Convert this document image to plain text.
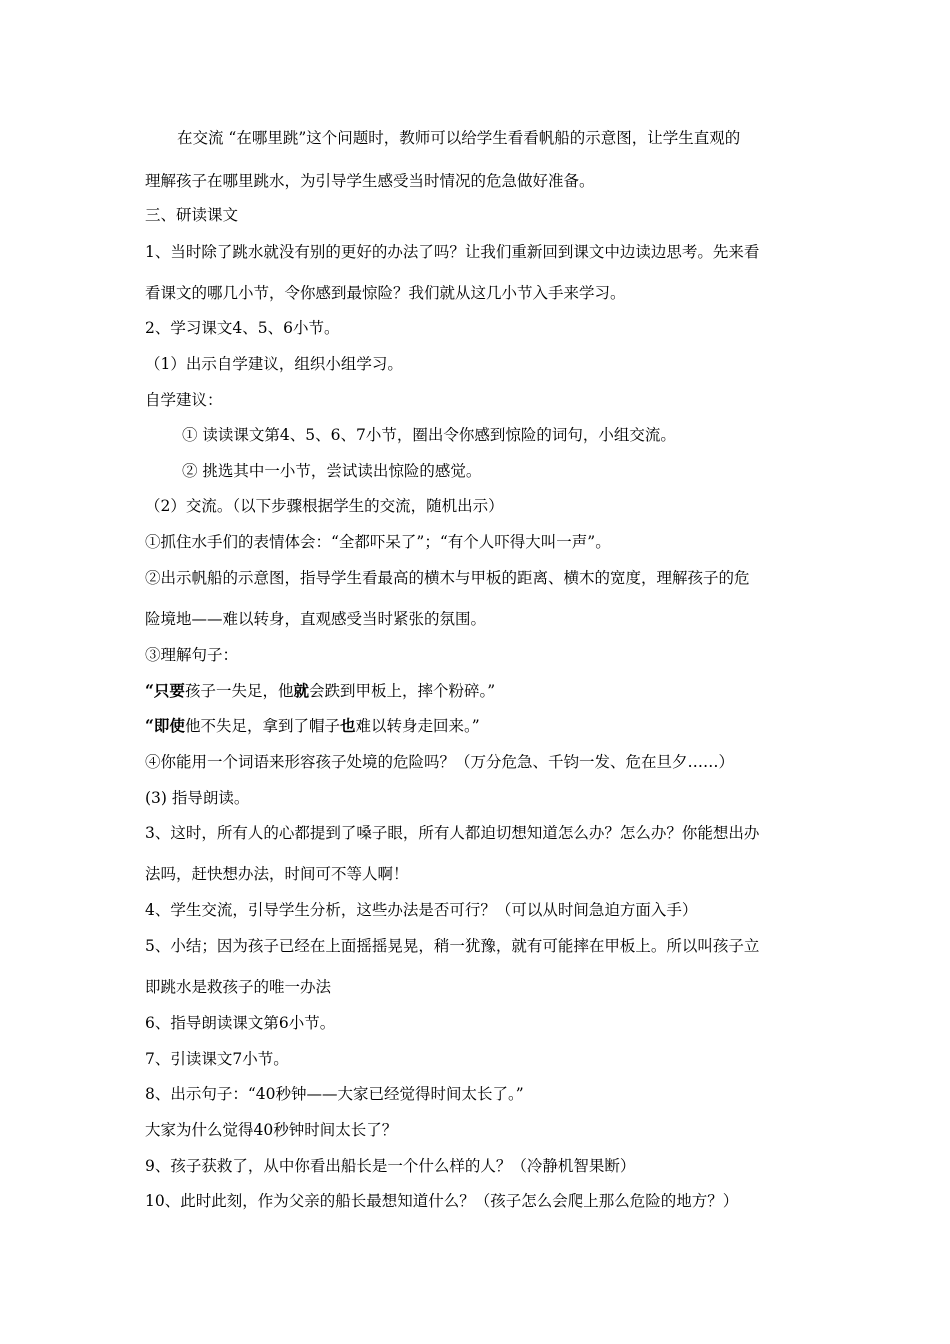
在交流 “在哪里跳”这个问题时，教师可以给学生看看帆船的示意图，让学生直观的
理解孩子在哪里跳水，为引导学生感受当时情况的危急做好准备。
三、研读课文
1、当时除了跳水就没有别的更好的办法了吗？让我们重新回到课文中边读边思考。先来看
看课文的哪几小节，令你感到最惊险？我们就从这几小节入手来学习。
2、学习课文4、5、6小节。
（1）出示自学建议，组织小组学习。
自学建议：
① 读读课文第4、5、6、7小节，圈出令你感到惊险的词句，小组交流。
② 挑选其中一小节，尝试读出惊险的感觉。
（2）交流。（以下步骤根据学生的交流，随机出示）
①抓住水手们的表情体会：“全都吓呆了”；“有个人吓得大叫一声”。
②出示帆船的示意图，指导学生看最高的横木与甲板的距离、横木的宽度，理解孩子的危
险境地——难以转身，直观感受当时紧张的氛围。
③理解句子：
“只要孩子一失足，他就会跌到甲板上，摔个粉碎。”
“即使他不失足，拿到了帽子也难以转身走回来。”
④你能用一个词语来形容孩子处境的危险吗？（万分危急、千钧一发、危在旦夕……）
(3) 指导朗读。
3、这时，所有人的心都提到了嗓子眼，所有人都迫切想知道怎么办？怎么办？你能想出办
法吗，赶快想办法，时间可不等人啊！
4、学生交流，引导学生分析，这些办法是否可行？（可以从时间急迫方面入手）
5、小结；因为孩子已经在上面摇摇晃晃，稍一犹豫，就有可能摔在甲板上。所以叫孩子立
即跳水是救孩子的唯一办法
6、指导朗读课文第6小节。
7、引读课文7小节。
8、出示句子：“40秒钟——大家已经觉得时间太长了。”
大家为什么觉得40秒钟时间太长了？
9、孩子获救了，从中你看出船长是一个什么样的人？（冷静机智果断）
10、此时此刻，作为父亲的船长最想知道什么？（孩子怎么会爬上那么危险的地方？）
